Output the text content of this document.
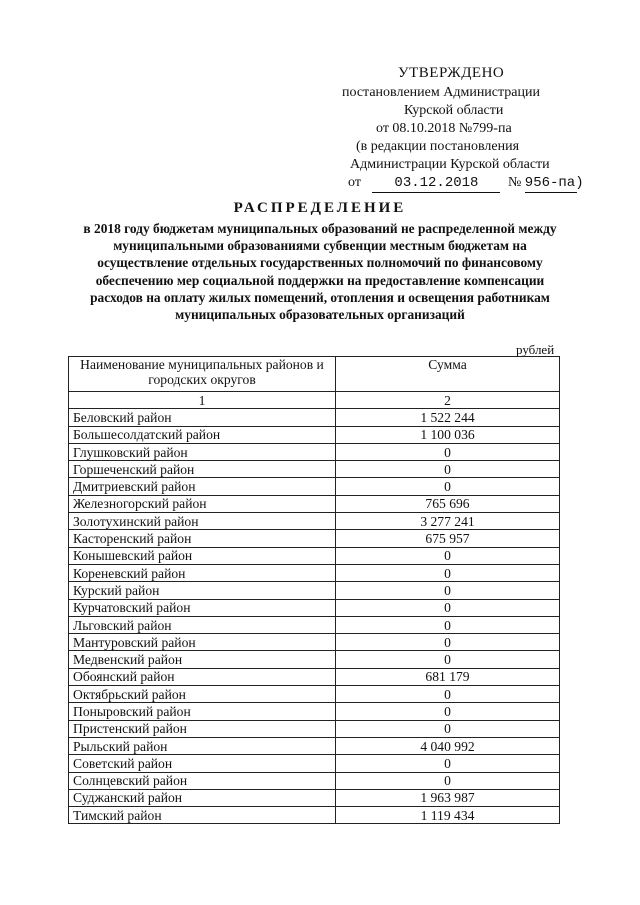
УТВЕРЖДЕНО
постановлением Администрации
Курской области
от 08.10.2018 №799-па
(в редакции постановления
Администрации Курской области
от 03.12.2018 № 956-па)
РАСПРЕДЕЛЕНИЕ
в 2018 году бюджетам муниципальных образований не распределенной между муниципальными образованиями субвенции местным бюджетам на осуществление отдельных государственных полномочий по финансовому обеспечению мер социальной поддержки на предоставление компенсации расходов на оплату жилых помещений, отопления и освещения работникам муниципальных образовательных организаций
рублей
Наименование муниципальных районов и городских округов	Сумма
1	2
Беловский район	1 522 244
Большесолдатский район	1 100 036
Глушковский район	0
Горшеченский район	0
Дмитриевский район	0
Железногорский район	765 696
Золотухинский район	3 277 241
Касторенский район	675 957
Конышевский район	0
Кореневский район	0
Курский район	0
Курчатовский район	0
Льговский район	0
Мантуровский район	0
Медвенский район	0
Обоянский район	681 179
Октябрьский район	0
Поныровский район	0
Пристенский район	0
Рыльский район	4 040 992
Советский район	0
Солнцевский район	0
Суджанский район	1 963 987
Тимский район	1 119 434
